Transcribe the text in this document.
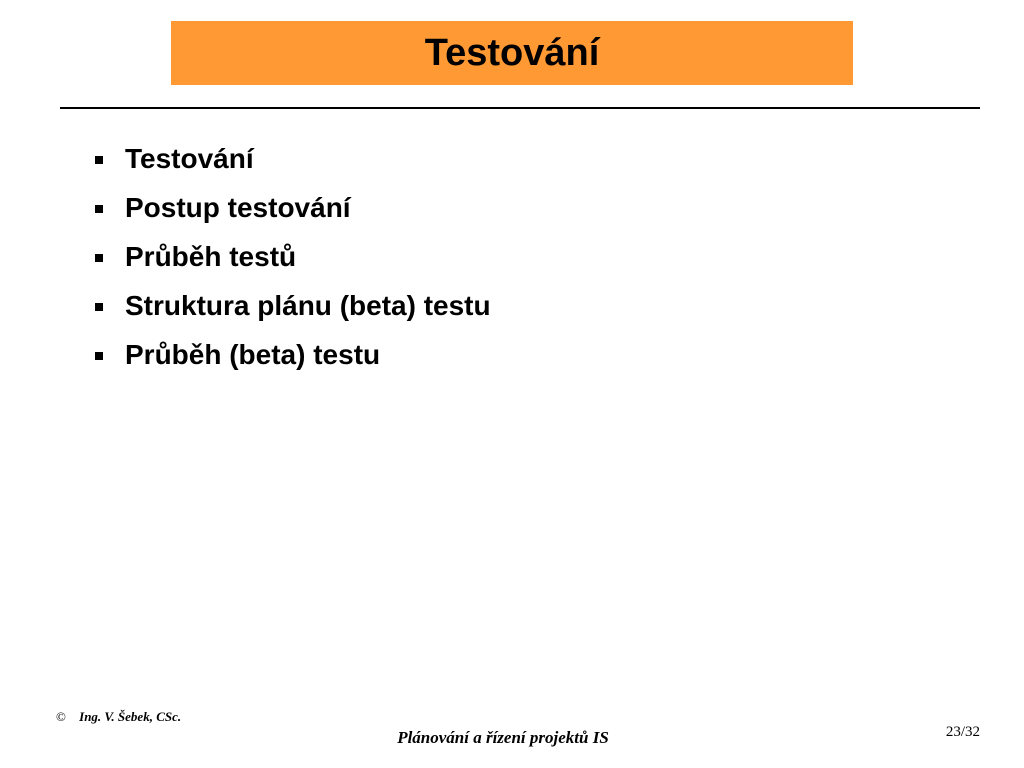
Testování
Testování
Postup testování
Průběh testů
Struktura plánu (beta) testu
Průběh (beta) testu
© Ing. V. Šebek, CSc.
Plánování a řízení projektů IS	23/32
